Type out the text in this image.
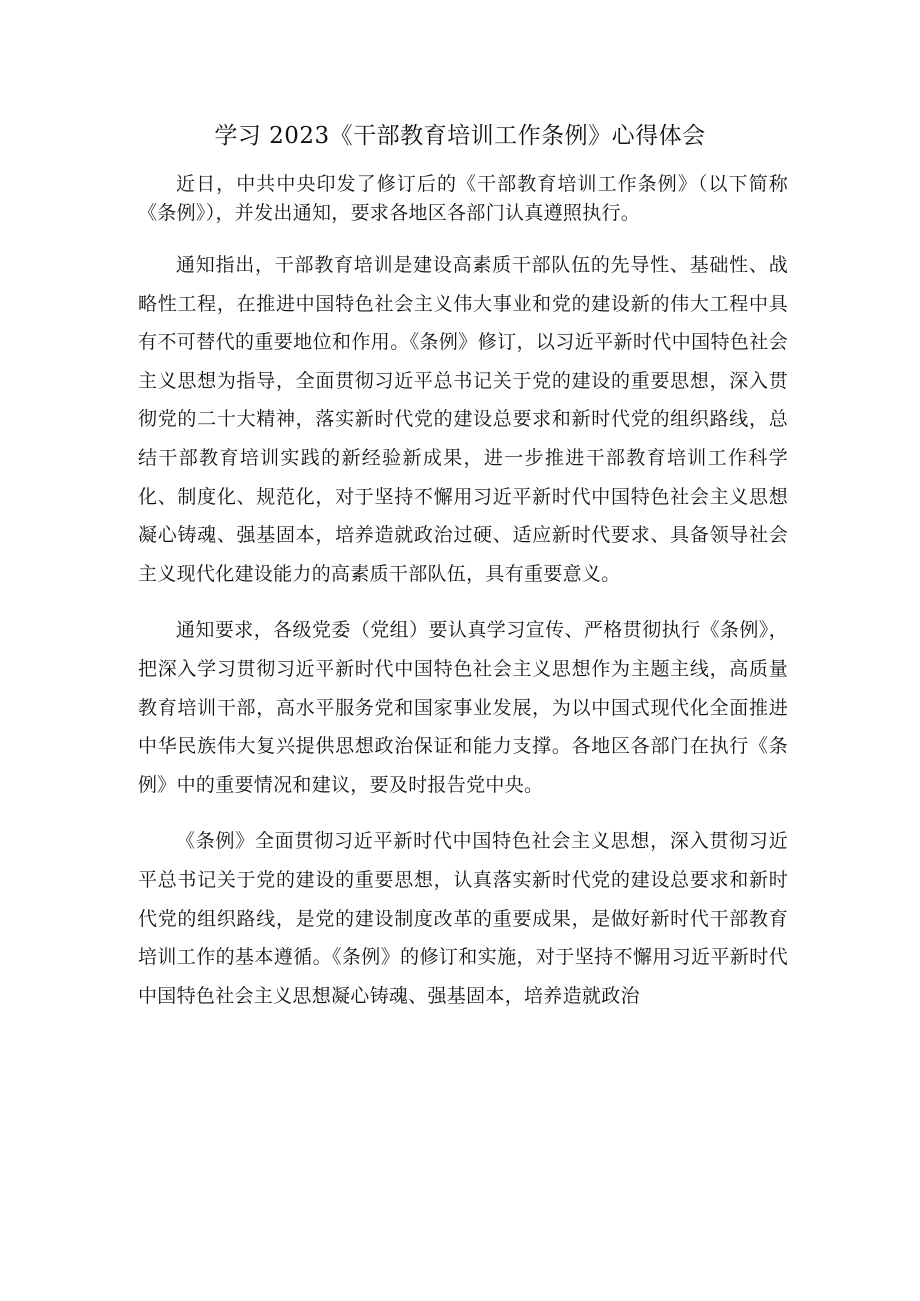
学习 2023《干部教育培训工作条例》心得体会

近日，中共中央印发了修订后的《干部教育培训工作条例》（以下简称《条例》），并发出通知，要求各地区各部门认真遵照执行。

通知指出，干部教育培训是建设高素质干部队伍的先导性、基础性、战略性工程，在推进中国特色社会主义伟大事业和党的建设新的伟大工程中具有不可替代的重要地位和作用。《条例》修订，以习近平新时代中国特色社会主义思想为指导，全面贯彻习近平总书记关于党的建设的重要思想，深入贯彻党的二十大精神，落实新时代党的建设总要求和新时代党的组织路线，总结干部教育培训实践的新经验新成果，进一步推进干部教育培训工作科学化、制度化、规范化，对于坚持不懈用习近平新时代中国特色社会主义思想凝心铸魂、强基固本，培养造就政治过硬、适应新时代要求、具备领导社会主义现代化建设能力的高素质干部队伍，具有重要意义。

通知要求，各级党委（党组）要认真学习宣传、严格贯彻执行《条例》，把深入学习贯彻习近平新时代中国特色社会主义思想作为主题主线，高质量教育培训干部，高水平服务党和国家事业发展，为以中国式现代化全面推进中华民族伟大复兴提供思想政治保证和能力支撑。各地区各部门在执行《条例》中的重要情况和建议，要及时报告党中央。

《条例》全面贯彻习近平新时代中国特色社会主义思想，深入贯彻习近平总书记关于党的建设的重要思想，认真落实新时代党的建设总要求和新时代党的组织路线，是党的建设制度改革的重要成果，是做好新时代干部教育培训工作的基本遵循。《条例》的修订和实施，对于坚持不懈用习近平新时代中国特色社会主义思想凝心铸魂、强基固本，培养造就政治
